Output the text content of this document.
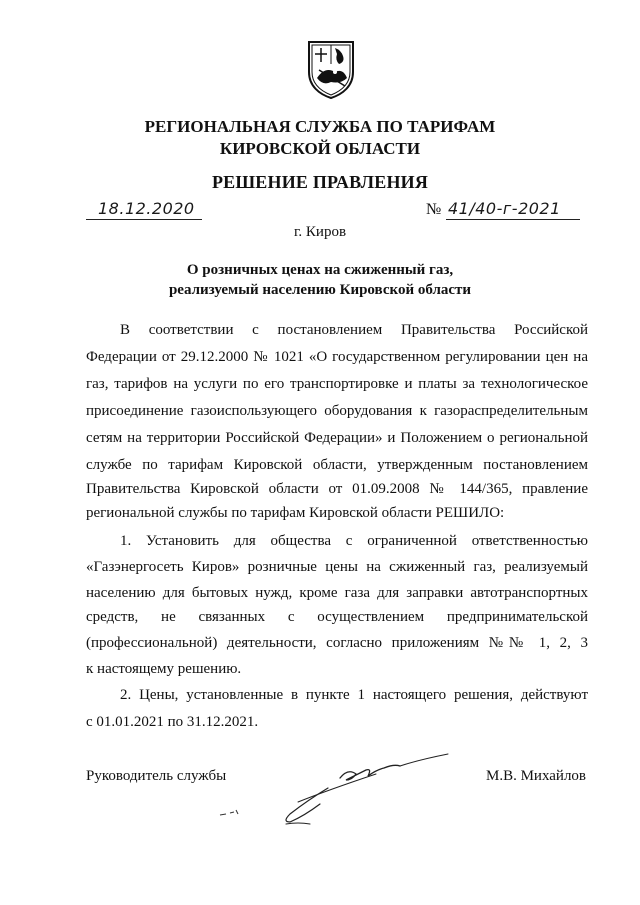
РЕГИОНАЛЬНАЯ СЛУЖБА ПО ТАРИФАМ
КИРОВСКОЙ ОБЛАСТИ
РЕШЕНИЕ ПРАВЛЕНИЯ
18.12.2020	№ 41/40-г-2021
г. Киров
О розничных ценах на сжиженный газ,
реализуемый населению Кировской области
В соответствии с постановлением Правительства Российской
Федерации от 29.12.2000 № 1021 «О государственном регулировании цен на
газ, тарифов на услуги по его транспортировке и платы за технологическое
присоединение газоиспользующего оборудования к газораспределительным
сетям на территории Российской Федерации» и Положением о региональной
службе по тарифам Кировской области, утвержденным постановлением
Правительства Кировской области от 01.09.2008 № 144/365, правление
региональной службы по тарифам Кировской области РЕШИЛО:
1. Установить для общества с ограниченной ответственностью
«Газэнергосеть Киров» розничные цены на сжиженный газ, реализуемый
населению для бытовых нужд, кроме газа для заправки автотранспортных
средств, не связанных с осуществлением предпринимательской
(профессиональной) деятельности, согласно приложениям №№ 1, 2, 3
к настоящему решению.
2. Цены, установленные в пункте 1 настоящего решения, действуют
с 01.01.2021 по 31.12.2021.
Руководитель службы	М.В. Михайлов
